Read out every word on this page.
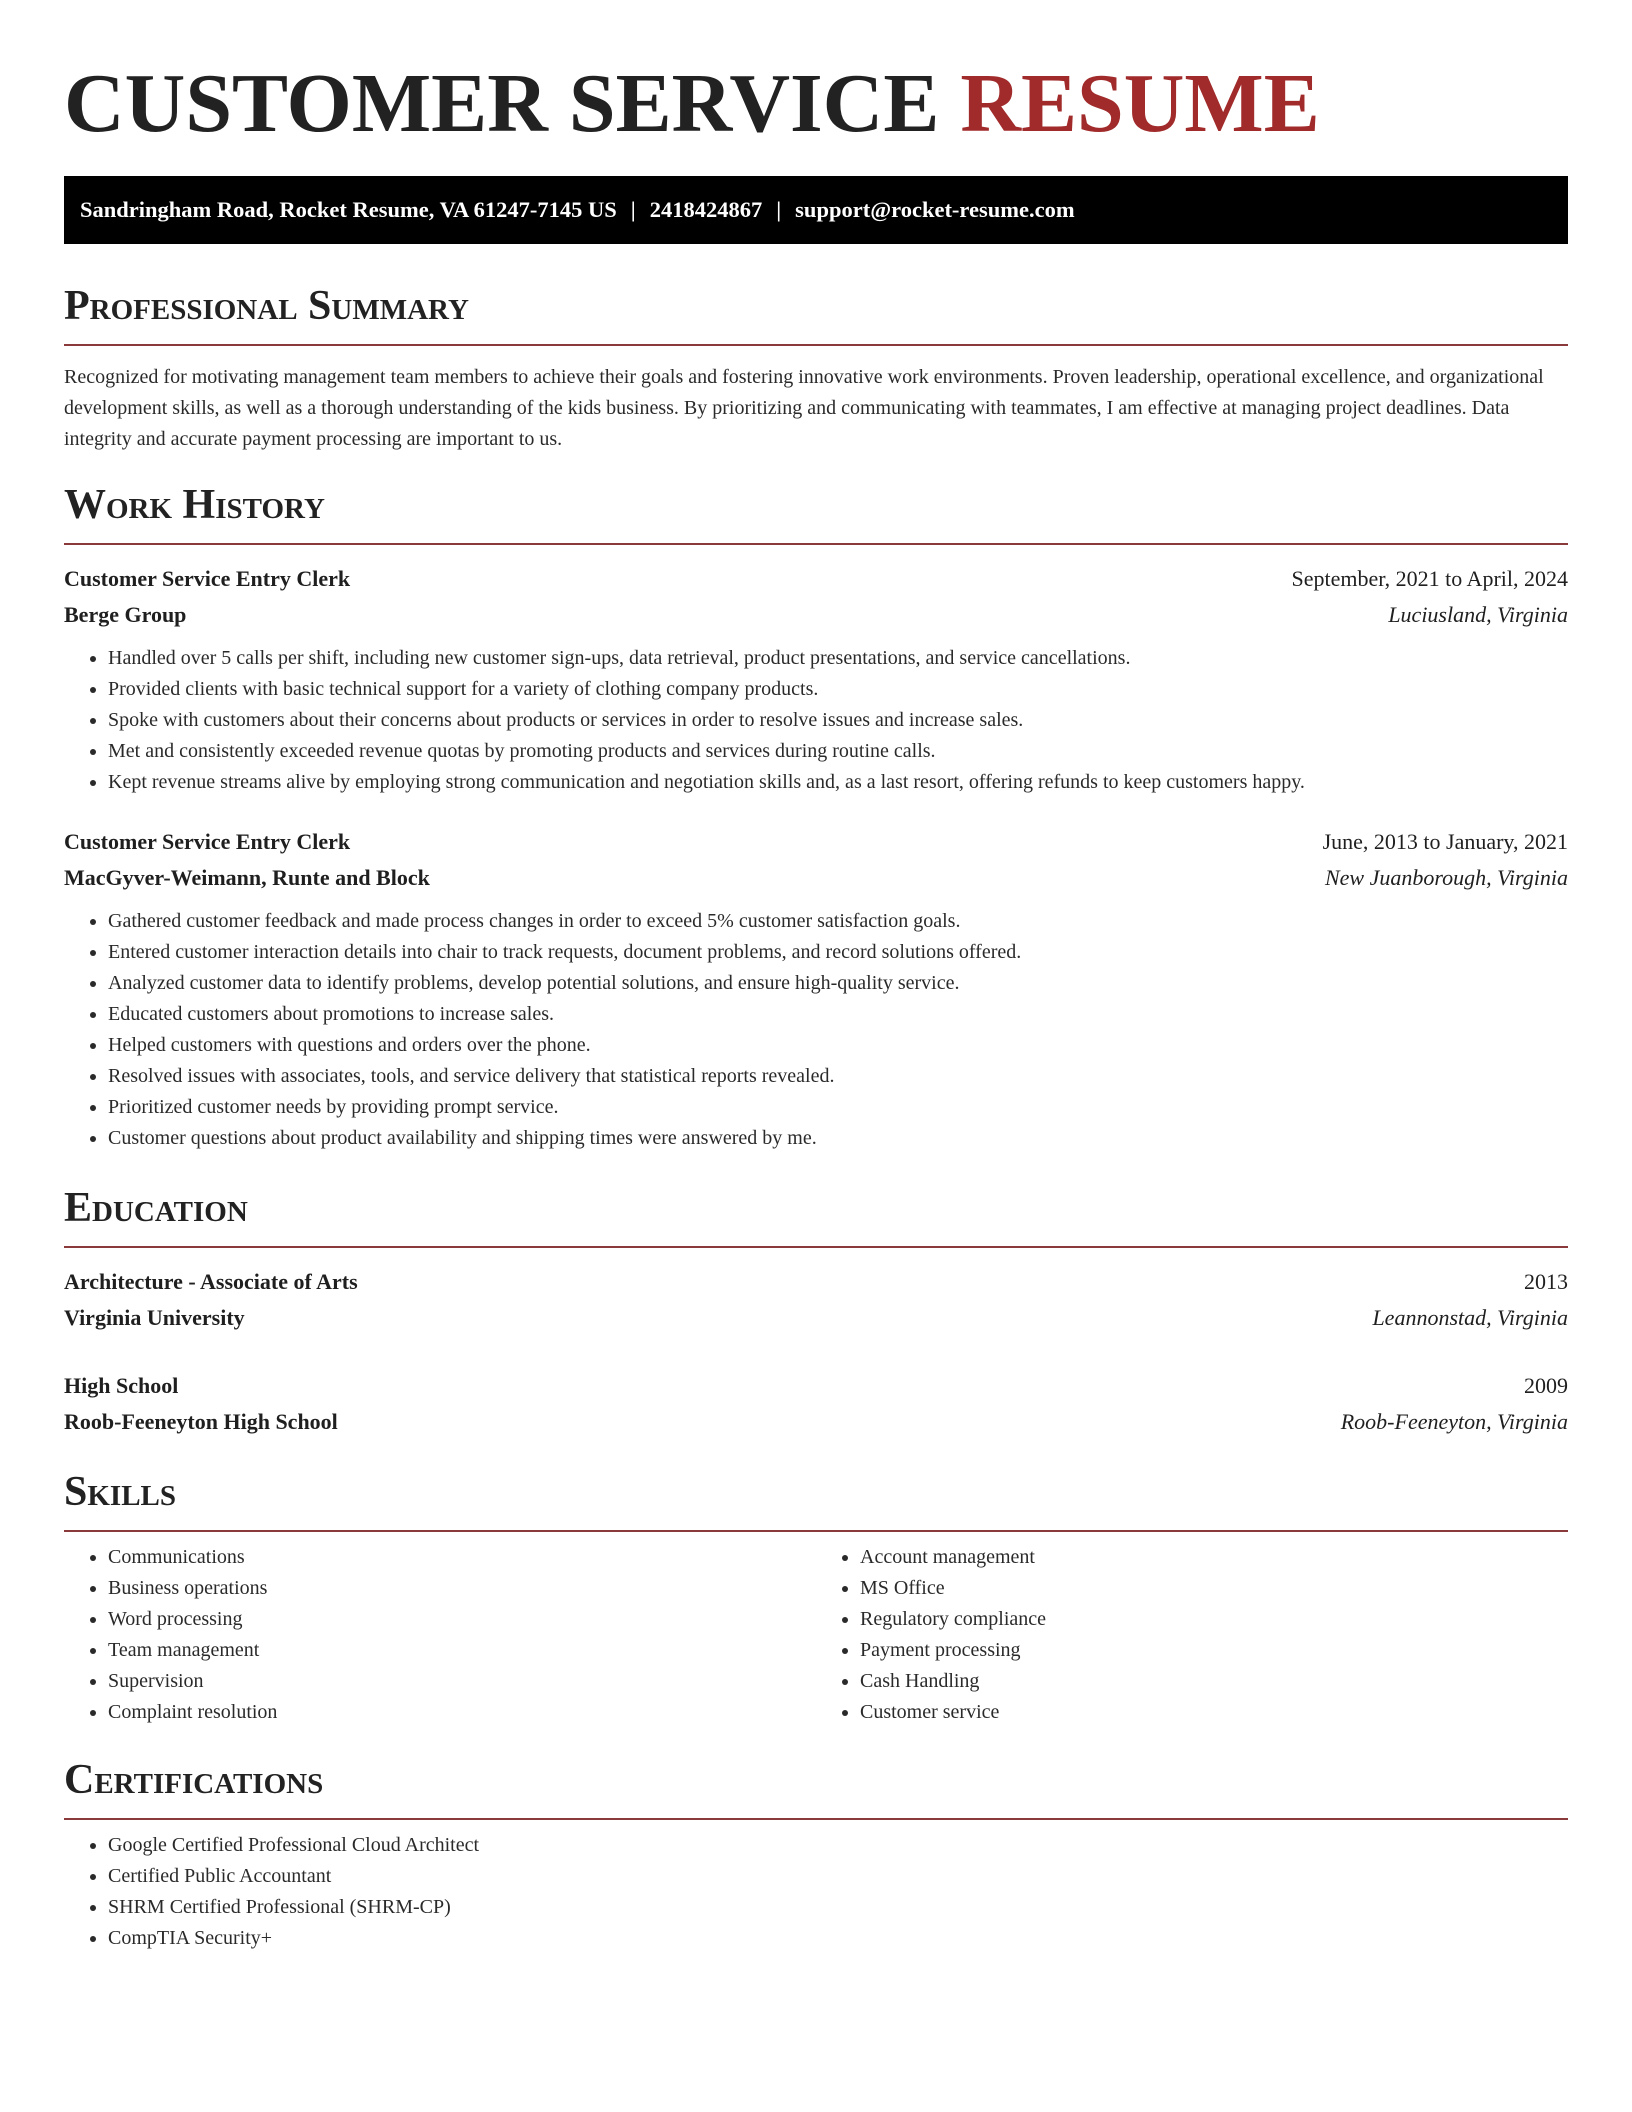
CUSTOMER SERVICE RESUME
Sandringham Road, Rocket Resume, VA 61247-7145 US | 2418424867 | support@rocket-resume.com
Professional Summary

Recognized for motivating management team members to achieve their goals and fostering innovative work environments. Proven leadership, operational excellence, and organizational development skills, as well as a thorough understanding of the kids business. By prioritizing and communicating with teammates, I am effective at managing project deadlines. Data integrity and accurate payment processing are important to us.

Work History
Customer Service Entry Clerk	September, 2021 to April, 2024
Berge Group	Luciusland, Virginia
• Handled over 5 calls per shift, including new customer sign-ups, data retrieval, product presentations, and service cancellations.
• Provided clients with basic technical support for a variety of clothing company products.
• Spoke with customers about their concerns about products or services in order to resolve issues and increase sales.
• Met and consistently exceeded revenue quotas by promoting products and services during routine calls.
• Kept revenue streams alive by employing strong communication and negotiation skills and, as a last resort, offering refunds to keep customers happy.
Customer Service Entry Clerk	June, 2013 to January, 2021
MacGyver-Weimann, Runte and Block	New Juanborough, Virginia
• Gathered customer feedback and made process changes in order to exceed 5% customer satisfaction goals.
• Entered customer interaction details into chair to track requests, document problems, and record solutions offered.
• Analyzed customer data to identify problems, develop potential solutions, and ensure high-quality service.
• Educated customers about promotions to increase sales.
• Helped customers with questions and orders over the phone.
• Resolved issues with associates, tools, and service delivery that statistical reports revealed.
• Prioritized customer needs by providing prompt service.
• Customer questions about product availability and shipping times were answered by me.
Education
Architecture - Associate of Arts	2013
Virginia University	Leannonstad, Virginia
High School	2009
Roob-Feeneyton High School	Roob-Feeneyton, Virginia
Skills
• Communications
• Business operations
• Word processing
• Team management
• Supervision
• Complaint resolution
• Account management
• MS Office
• Regulatory compliance
• Payment processing
• Cash Handling
• Customer service
Certifications
• Google Certified Professional Cloud Architect
• Certified Public Accountant
• SHRM Certified Professional (SHRM-CP)
• CompTIA Security+
